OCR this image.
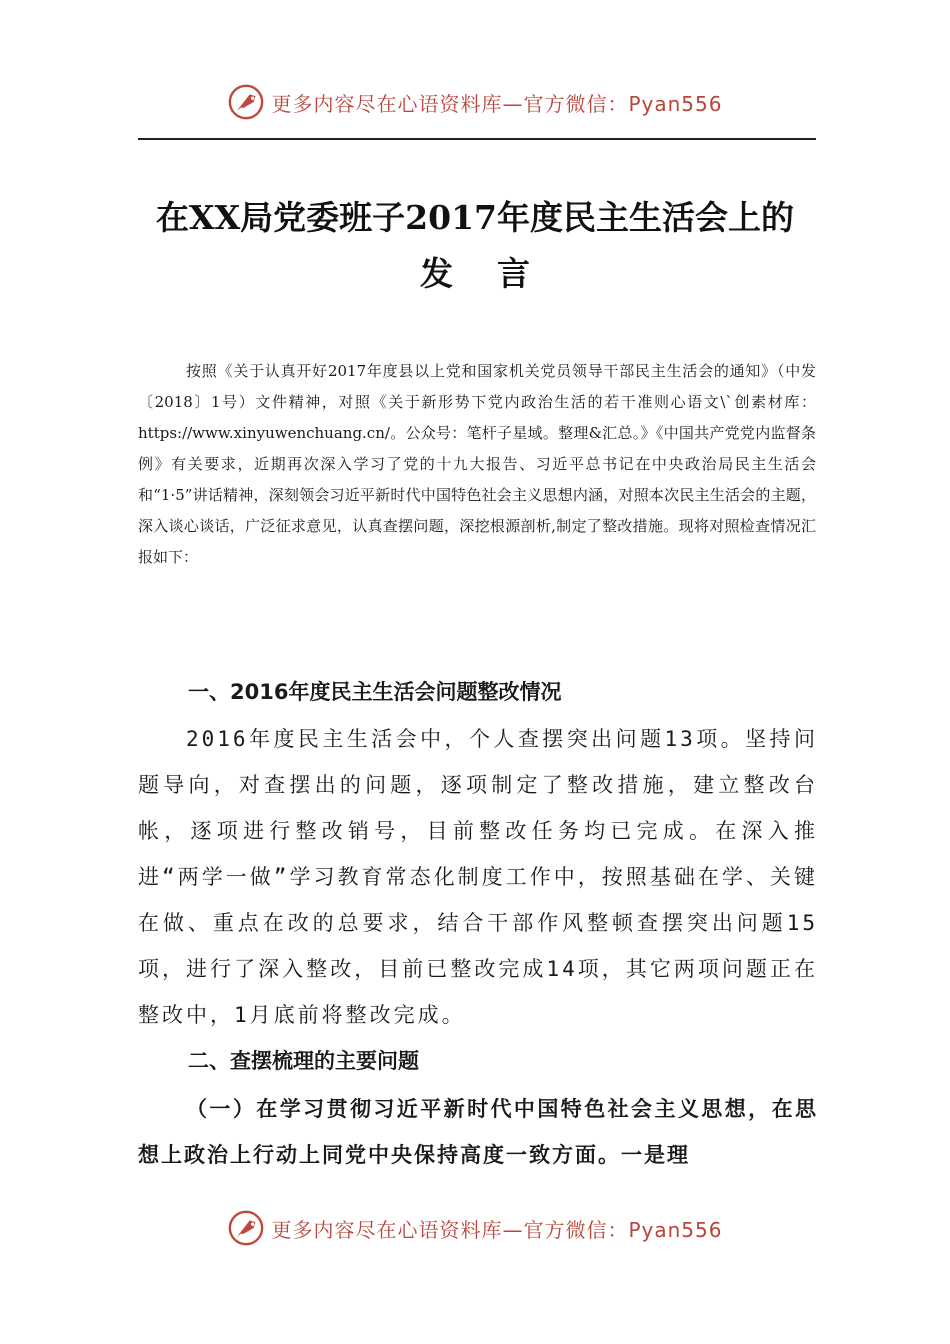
更多内容尽在心语资料库—官方微信：Pyan556
在XX局党委班子2017年度民主生活会上的
发言

按照《关于认真开好2017年度县以上党和国家机关党员领导干部民主生活会的通知》（中发〔2018〕1号）文件精神，对照《关于新形势下党内政治生活的若干准则心语文\`创素材库：https://www.xinyuwenchuang.cn/。公众号：笔杆子星域。整理&汇总。》《中国共产党党内监督条例》有关要求，近期再次深入学习了党的十九大报告、习近平总书记在中央政治局民主生活会和“1·5”讲话精神，深刻领会习近平新时代中国特色社会主义思想内涵，对照本次民主生活会的主题，深入谈心谈话，广泛征求意见，认真查摆问题，深挖根源剖析,制定了整改措施。现将对照检查情况汇报如下：

一、2016年度民主生活会问题整改情况

2016年度民主生活会中，个人查摆突出问题13项。坚持问题导向，对查摆出的问题，逐项制定了整改措施，建立整改台帐，逐项进行整改销号，目前整改任务均已完成。在深入推进“两学一做”学习教育常态化制度工作中，按照基础在学、关键在做、重点在改的总要求，结合干部作风整顿查摆突出问题15项，进行了深入整改，目前已整改完成14项，其它两项问题正在整改中，1月底前将整改完成。

二、查摆梳理的主要问题

（一）在学习贯彻习近平新时代中国特色社会主义思想，在思想上政治上行动上同党中央保持高度一致方面。一是理

更多内容尽在心语资料库—官方微信：Pyan556
